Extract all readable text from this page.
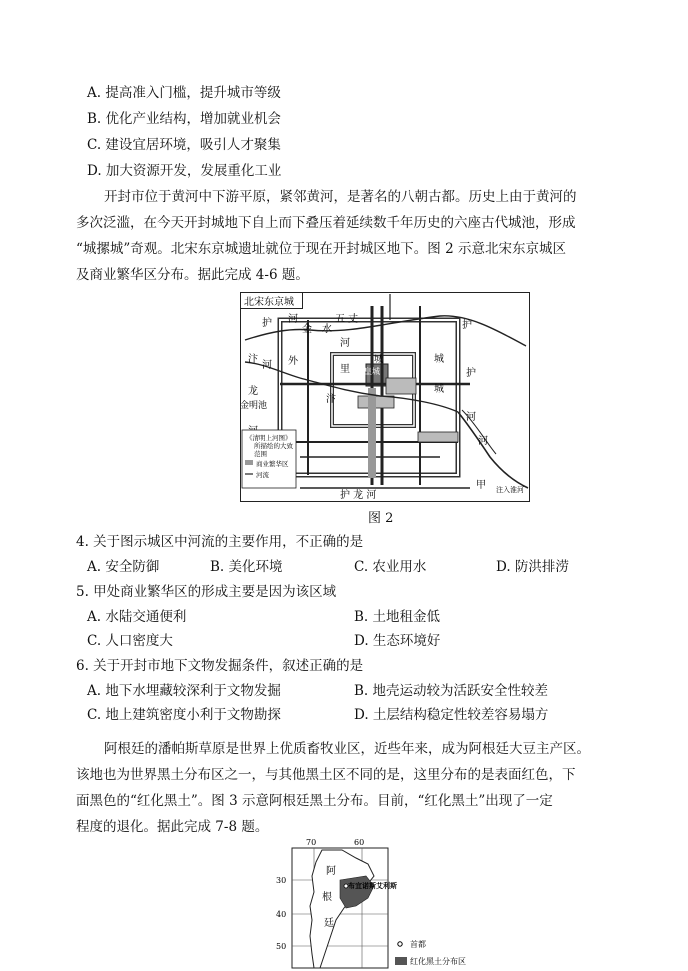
A. 提高准入门槛，提升城市等级
B. 优化产业结构，增加就业机会
C. 建设宜居环境，吸引人才聚集
D. 加大资源开发，发展重化工业
开封市位于黄河中下游平原，紧邻黄河，是著名的八朝古都。历史上由于黄河的
多次泛滥，在今天开封城地下自上而下叠压着延续数千年历史的六座古代城池，形成
“城摞城”奇观。北宋东京城遗址就位于现在开封城区地下。图 2 示意北宋东京城区
及商业繁华区分布。据此完成 4-6 题。
北宋东京城
护 河
金 水
五 丈
河
汴
河 外
龙
金明池
汴
里
城
皇城
城
护
城
护
河
河
甲 注入淮河
护 龙 河
《清明上河图》
所描绘的大致
范围
商业繁华区
河流
图 2
4. 关于图示城区中河流的主要作用，不正确的是
A. 安全防御	B. 美化环境	C. 农业用水	D. 防洪排涝
5. 甲处商业繁华区的形成主要是因为该区域
A. 水陆交通便利	B. 土地租金低
C. 人口密度大	D. 生态环境好
6. 关于开封市地下文物发掘条件，叙述正确的是
A. 地下水埋藏较深利于文物发掘	B. 地壳运动较为活跃安全性较差
C. 地上建筑密度小利于文物勘探	D. 土层结构稳定性较差容易塌方
阿根廷的潘帕斯草原是世界上优质畜牧业区，近些年来，成为阿根廷大豆主产区。
该地也为世界黑土分布区之一，与其他黑土区不同的是，这里分布的是表面红色，下
面黑色的“红化黑土”。图 3 示意阿根廷黑土分布。目前，“红化黑土”出现了一定
程度的退化。据此完成 7-8 题。
70	60
30
40
50
阿
根
廷
布宜诺斯艾利斯
首都
红化黑土分布区
